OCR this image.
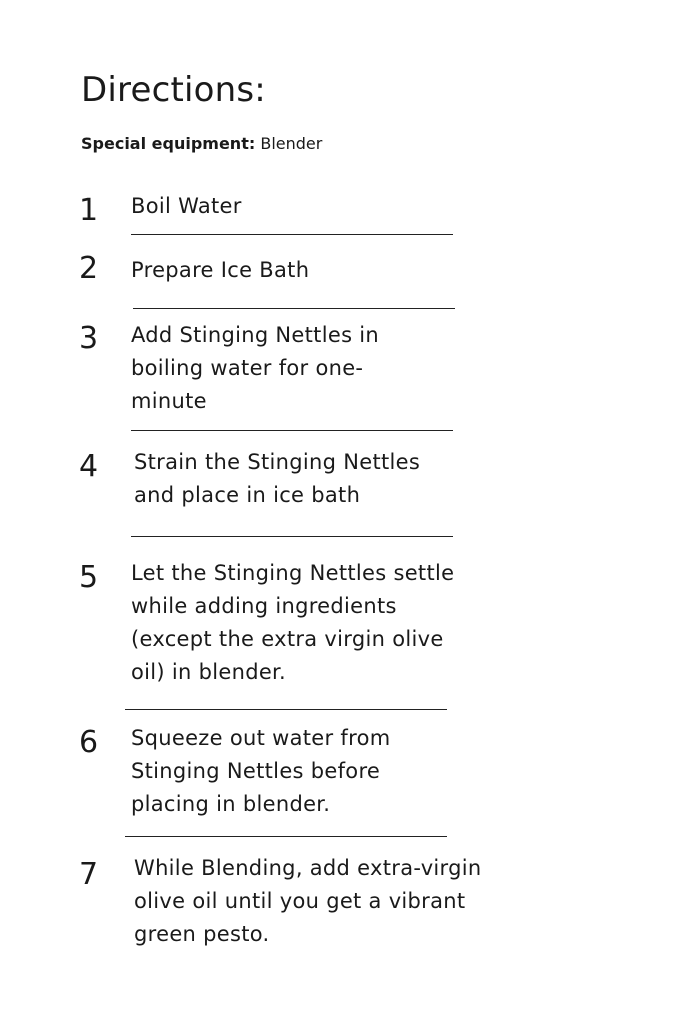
Directions:
Special equipment: Blender
1 Boil Water
2 Prepare Ice Bath
3 Add Stinging Nettles in boiling water for one-minute
4 Strain the Stinging Nettles and place in ice bath
5 Let the Stinging Nettles settle while adding ingredients (except the extra virgin olive oil) in blender.
6 Squeeze out water from Stinging Nettles before placing in blender.
7 While Blending, add extra-virgin olive oil until you get a vibrant green pesto.
